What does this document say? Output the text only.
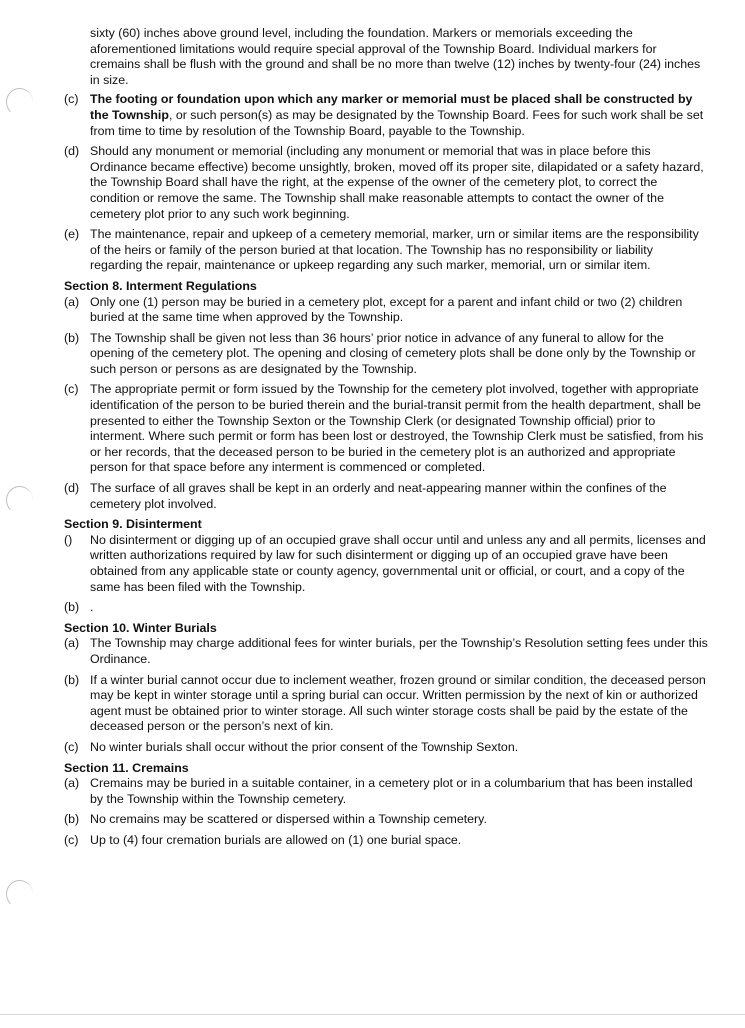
sixty (60) inches above ground level, including the foundation. Markers or memorials exceeding the aforementioned limitations would require special approval of the Township Board. Individual markers for cremains shall be flush with the ground and shall be no more than twelve (12) inches by twenty-four (24) inches in size.

(c) The footing or foundation upon which any marker or memorial must be placed shall be constructed by the Township, or such person(s) as may be designated by the Township Board. Fees for such work shall be set from time to time by resolution of the Township Board, payable to the Township.
(d) Should any monument or memorial (including any monument or memorial that was in place before this Ordinance became effective) become unsightly, broken, moved off its proper site, dilapidated or a safety hazard, the Township Board shall have the right, at the expense of the owner of the cemetery plot, to correct the condition or remove the same. The Township shall make reasonable attempts to contact the owner of the cemetery plot prior to any such work beginning.
(e) The maintenance, repair and upkeep of a cemetery memorial, marker, urn or similar items are the responsibility of the heirs or family of the person buried at that location. The Township has no responsibility or liability regarding the repair, maintenance or upkeep regarding any such marker, memorial, urn or similar item.
Section 8. Interment Regulations
(a) Only one (1) person may be buried in a cemetery plot, except for a parent and infant child or two (2) children buried at the same time when approved by the Township.
(b) The Township shall be given not less than 36 hours’ prior notice in advance of any funeral to allow for the opening of the cemetery plot. The opening and closing of cemetery plots shall be done only by the Township or such person or persons as are designated by the Township.
(c) The appropriate permit or form issued by the Township for the cemetery plot involved, together with appropriate identification of the person to be buried therein and the burial-transit permit from the health department, shall be presented to either the Township Sexton or the Township Clerk (or designated Township official) prior to interment. Where such permit or form has been lost or destroyed, the Township Clerk must be satisfied, from his or her records, that the deceased person to be buried in the cemetery plot is an authorized and appropriate person for that space before any interment is commenced or completed.
(d) The surface of all graves shall be kept in an orderly and neat-appearing manner within the confines of the cemetery plot involved.
Section 9. Disinterment
()	No disinterment or digging up of an occupied grave shall occur until and unless any and all permits, licenses and written authorizations required by law for such disinterment or digging up of an occupied grave have been obtained from any applicable state or county agency, governmental unit or official, or court, and a copy of the same has been filed with the Township.
(b) .
Section 10. Winter Burials
(a) The Township may charge additional fees for winter burials, per the Township’s Resolution setting fees under this Ordinance.
(b) If a winter burial cannot occur due to inclement weather, frozen ground or similar condition, the deceased person may be kept in winter storage until a spring burial can occur. Written permission by the next of kin or authorized agent must be obtained prior to winter storage. All such winter storage costs shall be paid by the estate of the deceased person or the person’s next of kin.
(c) No winter burials shall occur without the prior consent of the Township Sexton.
Section 11. Cremains
(a) Cremains may be buried in a suitable container, in a cemetery plot or in a columbarium that has been installed by the Township within the Township cemetery.
(b) No cremains may be scattered or dispersed within a Township cemetery.
(c) Up to (4) four cremation burials are allowed on (1) one burial space.
